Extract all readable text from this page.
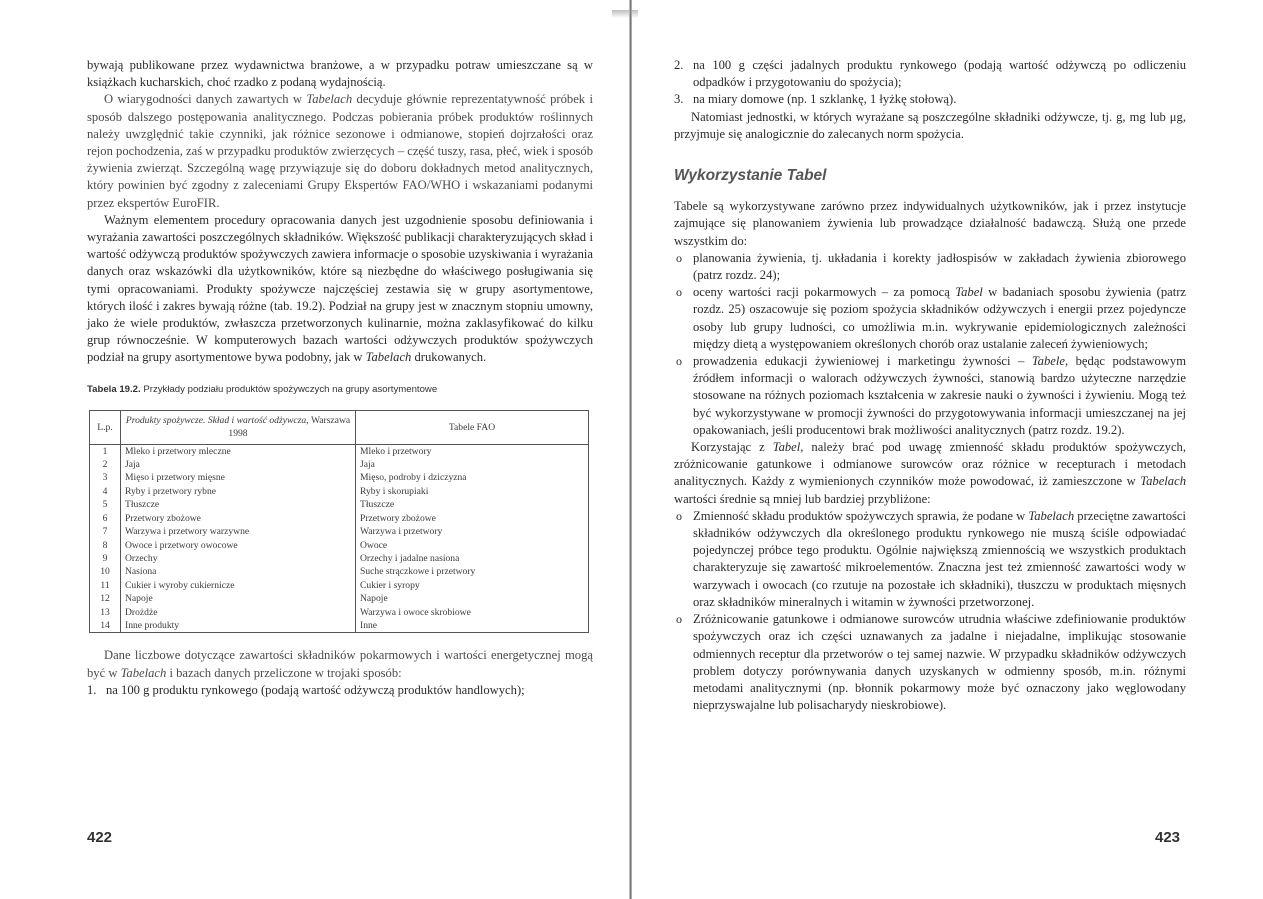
bywają publikowane przez wydawnictwa branżowe, a w przypadku potraw umieszczane są w książkach kucharskich, choć rzadko z podaną wydajnością.

O wiarygodności danych zawartych w Tabelach decyduje głównie reprezentatywność próbek i sposób dalszego postępowania analitycznego. Podczas pobierania próbek produktów roślinnych należy uwzględnić takie czynniki, jak różnice sezonowe i odmianowe, stopień dojrzałości oraz rejon pochodzenia, zaś w przypadku produktów zwierzęcych – część tuszy, rasa, płeć, wiek i sposób żywienia zwierząt. Szczególną wagę przywiązuje się do doboru dokładnych metod analitycznych, który powinien być zgodny z zaleceniami Grupy Ekspertów FAO/WHO i wskazaniami podanymi przez ekspertów EuroFIR.

Ważnym elementem procedury opracowania danych jest uzgodnienie sposobu definiowania i wyrażania zawartości poszczególnych składników. Większość publikacji charakteryzujących skład i wartość odżywczą produktów spożywczych zawiera informacje o sposobie uzyskiwania i wyrażania danych oraz wskazówki dla użytkowników, które są niezbędne do właściwego posługiwania się tymi opracowaniami. Produkty spożywcze najczęściej zestawia się w grupy asortymentowe, których ilość i zakres bywają różne (tab. 19.2). Podział na grupy jest w znacznym stopniu umowny, jako że wiele produktów, zwłaszcza przetworzonych kulinarnie, można zaklasyfikować do kilku grup równocześnie. W komputerowych bazach wartości odżywczych produktów spożywczych podział na grupy asortymentowe bywa podobny, jak w Tabelach drukowanych.

Tabela 19.2. Przykłady podziału produktów spożywczych na grupy asortymentowe
L.p.	Produkty spożywcze. Skład i wartość odżywcza, Warszawa 1998	Tabele FAO
1	Mleko i przetwory mleczne	Mleko i przetwory
2	Jaja	Jaja
3	Mięso i przetwory mięsne	Mięso, podroby i dziczyzna
4	Ryby i przetwory rybne	Ryby i skorupiaki
5	Tłuszcze	Tłuszcze
6	Przetwory zbożowe	Przetwory zbożowe
7	Warzywa i przetwory warzywne	Warzywa i przetwory
8	Owoce i przetwory owocowe	Owoce
9	Orzechy	Orzechy i jadalne nasiona
10	Nasiona	Suche strączkowe i przetwory
11	Cukier i wyroby cukiernicze	Cukier i syropy
12	Napoje	Napoje
13	Drożdże	Warzywa i owoce skrobiowe
14	Inne produkty	Inne

Dane liczbowe dotyczące zawartości składników pokarmowych i wartości energetycznej mogą być w Tabelach i bazach danych przeliczone w trojaki sposób:

1. na 100 g produktu rynkowego (podają wartość odżywczą produktów handlowych);
422
2. na 100 g części jadalnych produktu rynkowego (podają wartość odżywczą po odliczeniu odpadków i przygotowaniu do spożycia);
3. na miary domowe (np. 1 szklankę, 1 łyżkę stołową).

Natomiast jednostki, w których wyrażane są poszczególne składniki odżywcze, tj. g, mg lub μg, przyjmuje się analogicznie do zalecanych norm spożycia.

Wykorzystanie Tabel

Tabele są wykorzystywane zarówno przez indywidualnych użytkowników, jak i przez instytucje zajmujące się planowaniem żywienia lub prowadzące działalność badawczą. Służą one przede wszystkim do:

o planowania żywienia, tj. układania i korekty jadłospisów w zakładach żywienia zbiorowego (patrz rozdz. 24);
o oceny wartości racji pokarmowych – za pomocą Tabel w badaniach sposobu żywienia (patrz rozdz. 25) oszacowuje się poziom spożycia składników odżywczych i energii przez pojedyncze osoby lub grupy ludności, co umożliwia m.in. wykrywanie epidemiologicznych zależności między dietą a występowaniem określonych chorób oraz ustalanie zaleceń żywieniowych;
o prowadzenia edukacji żywieniowej i marketingu żywności – Tabele, będąc podstawowym źródłem informacji o walorach odżywczych żywności, stanowią bardzo użyteczne narzędzie stosowane na różnych poziomach kształcenia w zakresie nauki o żywności i żywieniu. Mogą też być wykorzystywane w promocji żywności do przygotowywania informacji umieszczanej na jej opakowaniach, jeśli producentowi brak możliwości analitycznych (patrz rozdz. 19.2).

Korzystając z Tabel, należy brać pod uwagę zmienność składu produktów spożywczych, zróżnicowanie gatunkowe i odmianowe surowców oraz różnice w recepturach i metodach analitycznych. Każdy z wymienionych czynników może powodować, iż zamieszczone w Tabelach wartości średnie są mniej lub bardziej przybliżone:

o Zmienność składu produktów spożywczych sprawia, że podane w Tabelach przeciętne zawartości składników odżywczych dla określonego produktu rynkowego nie muszą ściśle odpowiadać pojedynczej próbce tego produktu. Ogólnie największą zmiennością we wszystkich produktach charakteryzuje się zawartość mikroelementów. Znaczna jest też zmienność zawartości wody w warzywach i owocach (co rzutuje na pozostałe ich składniki), tłuszczu w produktach mięsnych oraz składników mineralnych i witamin w żywności przetworzonej.
o Zróżnicowanie gatunkowe i odmianowe surowców utrudnia właściwe zdefiniowanie produktów spożywczych oraz ich części uznawanych za jadalne i niejadalne, implikując stosowanie odmiennych receptur dla przetworów o tej samej nazwie. W przypadku składników odżywczych problem dotyczy porównywania danych uzyskanych w odmienny sposób, m.in. różnymi metodami analitycznymi (np. błonnik pokarmowy może być oznaczony jako węglowodany nieprzyswajalne lub polisacharydy nieskrobiowe).
423
